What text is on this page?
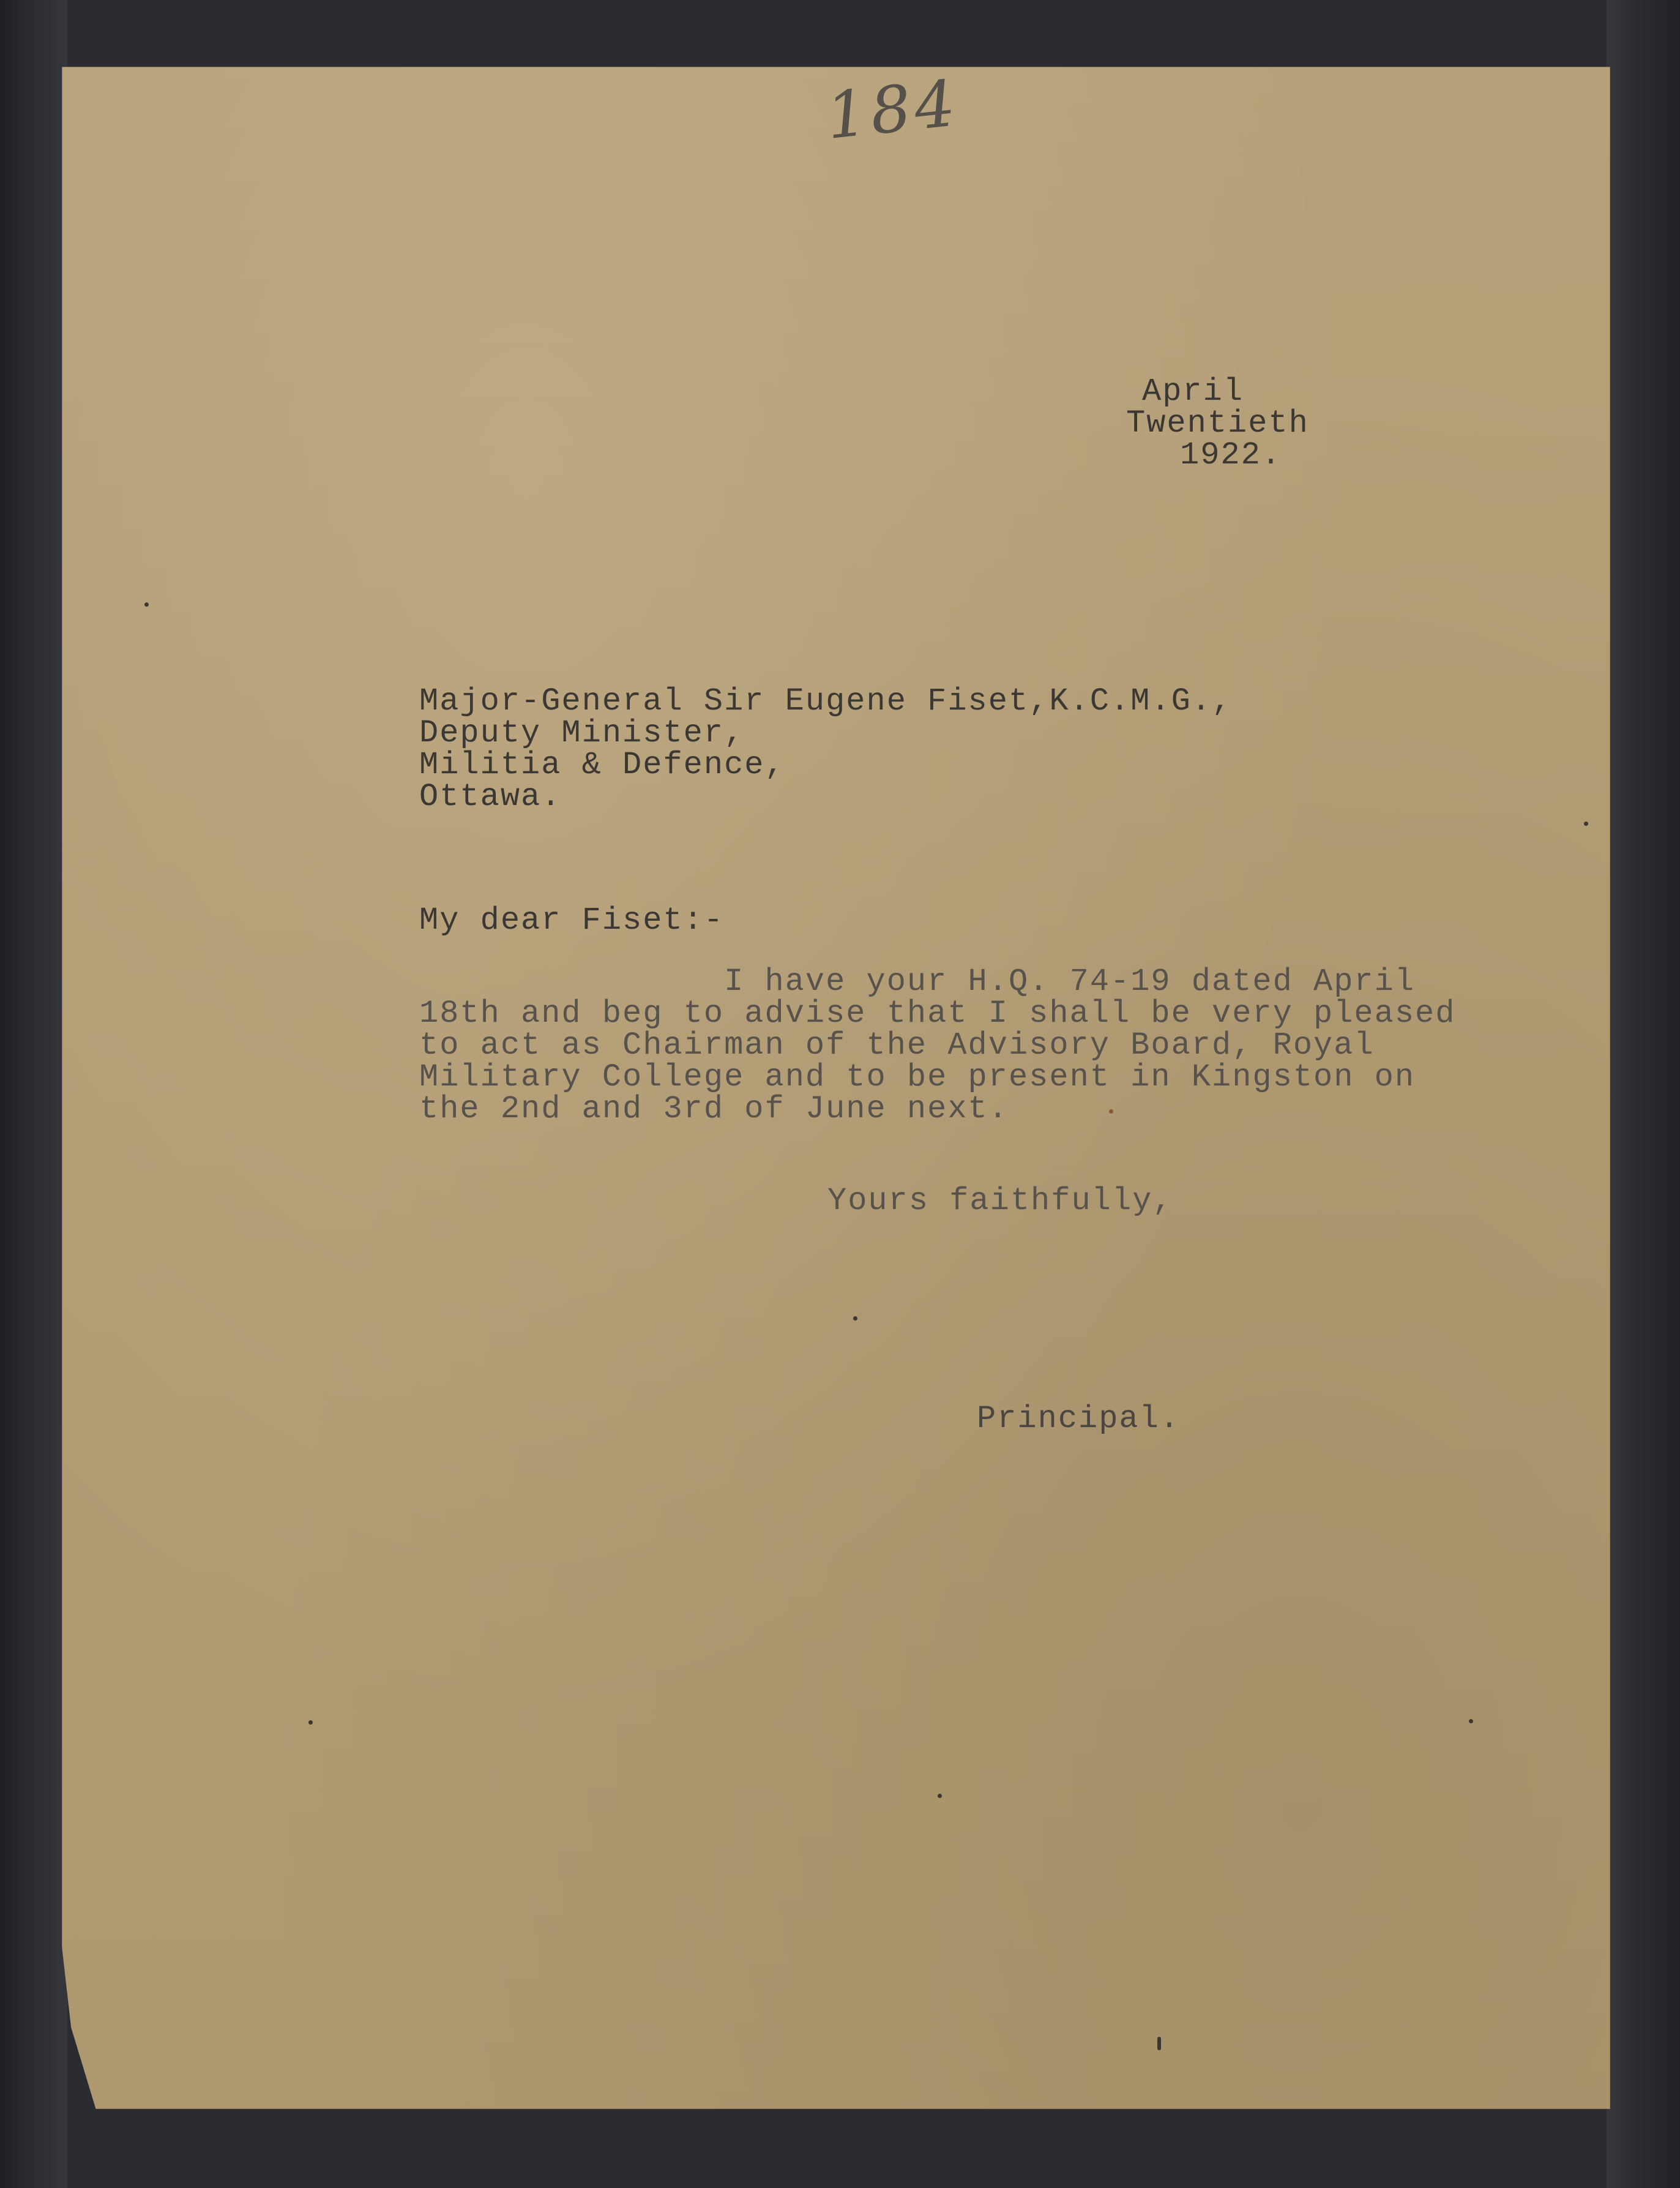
184
April
Twentieth
1922.
Major-General Sir Eugene Fiset,K.C.M.G.,
Deputy Minister,
Militia & Defence,
Ottawa.
My dear Fiset:-
I have your H.Q. 74-19 dated April
18th and beg to advise that I shall be very pleased
to act as Chairman of the Advisory Board, Royal
Military College and to be present in Kingston on
the 2nd and 3rd of June next.
Yours faithfully,
Principal.
